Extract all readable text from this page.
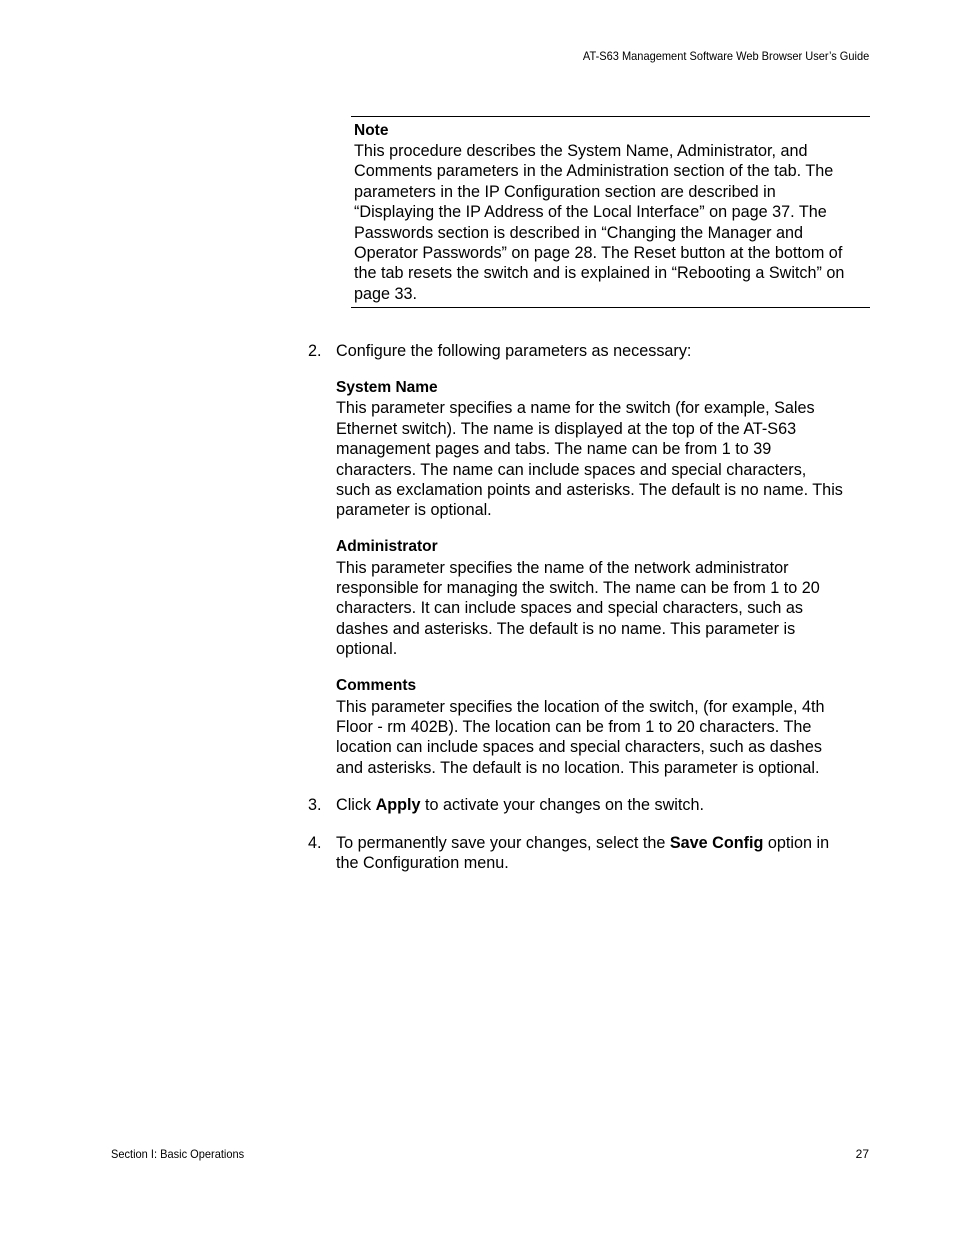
AT-S63 Management Software Web Browser User’s Guide

Note

This procedure describes the System Name, Administrator, and
Comments parameters in the Administration section of the tab. The
parameters in the IP Configuration section are described in
“Displaying the IP Address of the Local Interface” on page 37. The
Passwords section is described in “Changing the Manager and
Operator Passwords” on page 28. The Reset button at the bottom of
the tab resets the switch and is explained in “Rebooting a Switch” on
page 33.

2. Configure the following parameters as necessary:

System Name

This parameter specifies a name for the switch (for example, Sales
Ethernet switch). The name is displayed at the top of the AT-S63
management pages and tabs. The name can be from 1 to 39
characters. The name can include spaces and special characters,
such as exclamation points and asterisks. The default is no name. This
parameter is optional.

Administrator

This parameter specifies the name of the network administrator
responsible for managing the switch. The name can be from 1 to 20
characters. It can include spaces and special characters, such as
dashes and asterisks. The default is no name. This parameter is
optional.

Comments

This parameter specifies the location of the switch, (for example, 4th
Floor - rm 402B). The location can be from 1 to 20 characters. The
location can include spaces and special characters, such as dashes
and asterisks. The default is no location. This parameter is optional.

3. Click Apply to activate your changes on the switch.

4. To permanently save your changes, select the Save Config option in
the Configuration menu.

Section I: Basic Operations	27
